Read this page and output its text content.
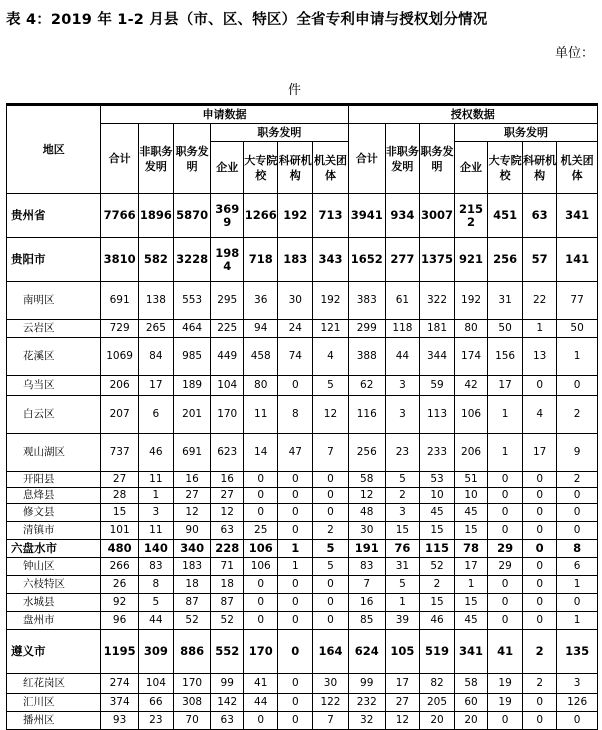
表 4：2019 年 1-2 月县（市、区、特区）全省专利申请与授权划分情况
单位：
件
地区	申请数据							授权数据						
	合计	非职务发明	职务发明	职务发明				合计	非职务发明	职务发明	职务发明			
				企业	大专院校	科研机构	机关团体				企业	大专院校	科研机构	机关团体
贵州省	7766	1896	5870	3699	1266	192	713	3941	934	3007	2152	451	63	341
贵阳市	3810	582	3228	1984	718	183	343	1652	277	1375	921	256	57	141
南明区	691	138	553	295	36	30	192	383	61	322	192	31	22	77
云岩区	729	265	464	225	94	24	121	299	118	181	80	50	1	50
花溪区	1069	84	985	449	458	74	4	388	44	344	174	156	13	1
乌当区	206	17	189	104	80	0	5	62	3	59	42	17	0	0
白云区	207	6	201	170	11	8	12	116	3	113	106	1	4	2
观山湖区	737	46	691	623	14	47	7	256	23	233	206	1	17	9
开阳县	27	11	16	16	0	0	0	58	5	53	51	0	0	2
息烽县	28	1	27	27	0	0	0	12	2	10	10	0	0	0
修文县	15	3	12	12	0	0	0	48	3	45	45	0	0	0
清镇市	101	11	90	63	25	0	2	30	15	15	15	0	0	0
六盘水市	480	140	340	228	106	1	5	191	76	115	78	29	0	8
钟山区	266	83	183	71	106	1	5	83	31	52	17	29	0	6
六枝特区	26	8	18	18	0	0	0	7	5	2	1	0	0	1
水城县	92	5	87	87	0	0	0	16	1	15	15	0	0	0
盘州市	96	44	52	52	0	0	0	85	39	46	45	0	0	1
遵义市	1195	309	886	552	170	0	164	624	105	519	341	41	2	135
红花岗区	274	104	170	99	41	0	30	99	17	82	58	19	2	3
汇川区	374	66	308	142	44	0	122	232	27	205	60	19	0	126
播州区	93	23	70	63	0	0	7	32	12	20	20	0	0	0
